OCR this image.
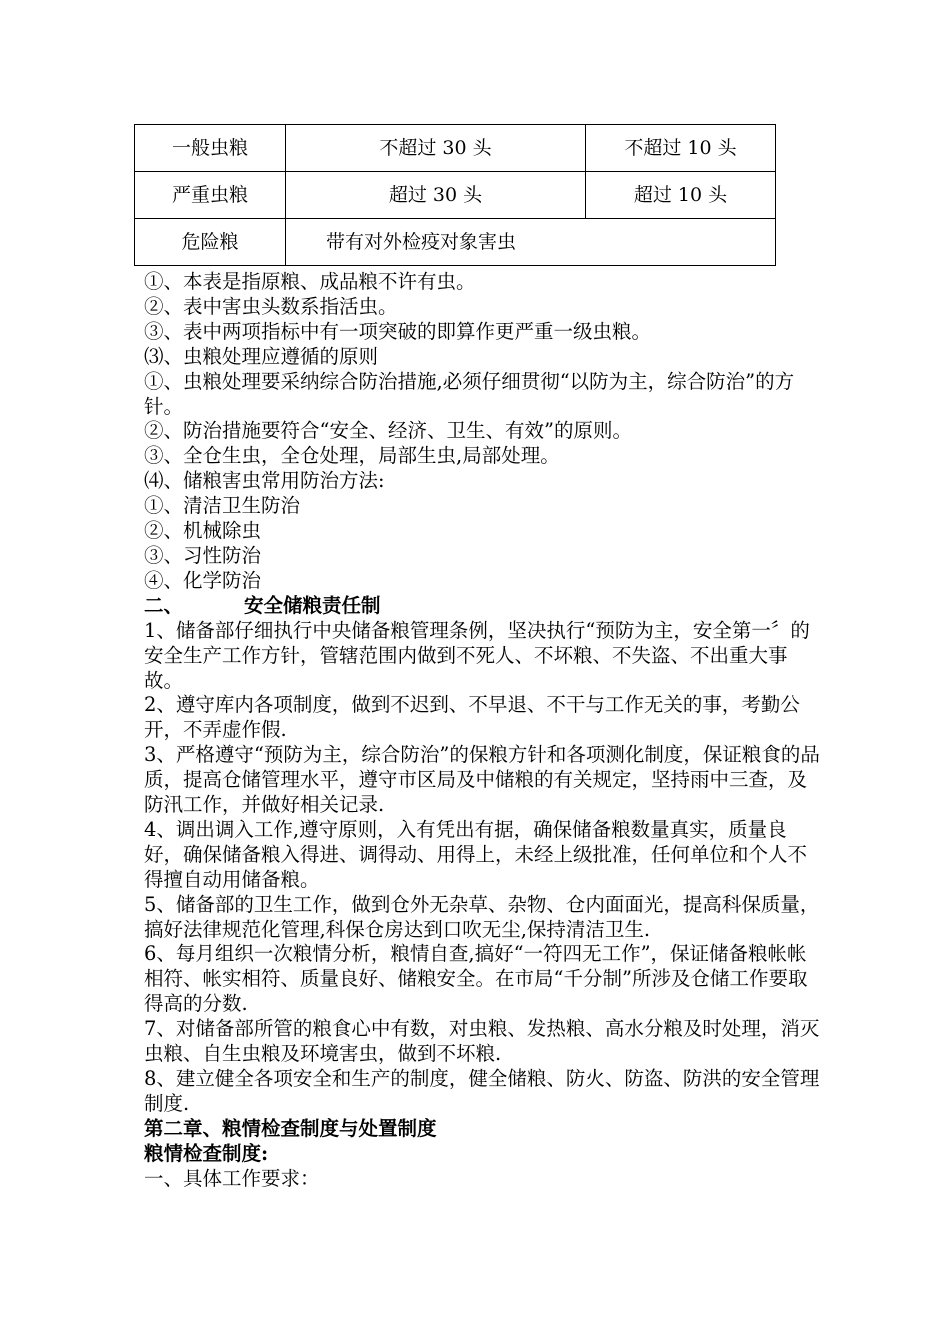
一般虫粮	不超过 30 头	不超过 10 头
严重虫粮	超过 30 头	超过 10 头
危险粮	带有对外检疫对象害虫	

①、本表是指原粮、成品粮不许有虫。

②、表中害虫头数系指活虫。

③、表中两项指标中有一项突破的即算作更严重一级虫粮。

⑶、虫粮处理应遵循的原则

①、虫粮处理要采纳综合防治措施,必须仔细贯彻“以防为主，综合防治”的方针。

②、防治措施要符合“安全、经济、卫生、有效”的原则。

③、全仓生虫，全仓处理，局部生虫,局部处理。

⑷、储粮害虫常用防治方法:

①、清洁卫生防治

②、机械除虫

③、习性防治

④、化学防治

二、	安全储粮责任制

1、储备部仔细执行中央储备粮管理条例，坚决执行“预防为主，安全第一〞的安全生产工作方针，管辖范围内做到不死人、不坏粮、不失盗、不出重大事故。

2、遵守库内各项制度，做到不迟到、不早退、不干与工作无关的事，考勤公开，不弄虚作假.

3、严格遵守“预防为主，综合防治”的保粮方针和各项测化制度，保证粮食的品质，提高仓储管理水平，遵守市区局及中储粮的有关规定，坚持雨中三查，及防汛工作，并做好相关记录.

4、调出调入工作,遵守原则，入有凭出有据，确保储备粮数量真实，质量良好，确保储备粮入得进、调得动、用得上，未经上级批准，任何单位和个人不得擅自动用储备粮。

5、储备部的卫生工作，做到仓外无杂草、杂物、仓内面面光，提高科保质量，搞好法律规范化管理,科保仓房达到口吹无尘,保持清洁卫生.

6、每月组织一次粮情分析，粮情自查,搞好“一符四无工作”，保证储备粮帐帐相符、帐实相符、质量良好、储粮安全。在市局“千分制”所涉及仓储工作要取得高的分数.

7、对储备部所管的粮食心中有数，对虫粮、发热粮、高水分粮及时处理，消灭虫粮、自生虫粮及环境害虫，做到不坏粮.

8、建立健全各项安全和生产的制度，健全储粮、防火、防盗、防洪的安全管理制度.

第二章、粮情检查制度与处置制度

粮情检查制度:

一、具体工作要求：
